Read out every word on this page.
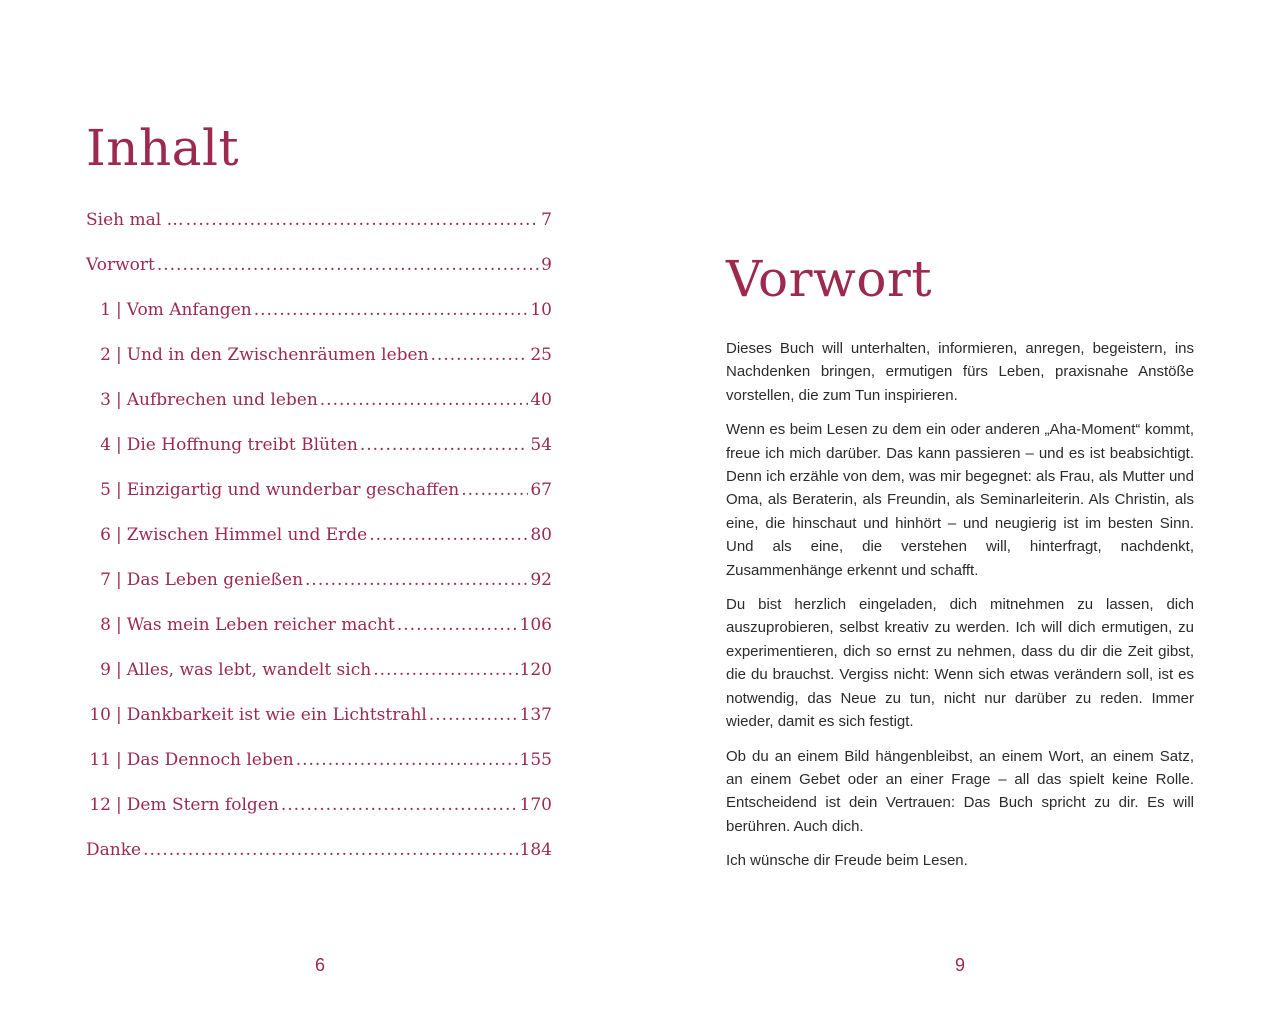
Inhalt
Sieh mal … .....	7
Vorwort .....	9
1 | Vom Anfangen .....	10
2 | Und in den Zwischenräumen leben .....	25
3 | Aufbrechen und leben .....	40
4 | Die Hoffnung treibt Blüten .....	54
5 | Einzigartig und wunderbar geschaffen .....	67
6 | Zwischen Himmel und Erde .....	80
7 | Das Leben genießen .....	92
8 | Was mein Leben reicher macht .....	106
9 | Alles, was lebt, wandelt sich .....	120
10 | Dankbarkeit ist wie ein Lichtstrahl .....	137
11 | Das Dennoch leben .....	155
12 | Dem Stern folgen .....	170
Danke .....	184
6
Vorwort

Dieses Buch will unterhalten, informieren, anregen, begeistern, ins Nachdenken bringen, ermutigen fürs Leben, praxisnahe Anstöße vorstellen, die zum Tun inspirieren.

Wenn es beim Lesen zu dem ein oder anderen „Aha-Moment“ kommt, freue ich mich darüber. Das kann passieren – und es ist beabsichtigt. Denn ich erzähle von dem, was mir begegnet: als Frau, als Mutter und Oma, als Beraterin, als Freundin, als Seminarleiterin. Als Christin, als eine, die hinschaut und hinhört – und neugierig ist im besten Sinn. Und als eine, die verstehen will, hinterfragt, nachdenkt, Zusammenhänge erkennt und schafft.

Du bist herzlich eingeladen, dich mitnehmen zu lassen, dich auszuprobieren, selbst kreativ zu werden. Ich will dich ermutigen, zu experimentieren, dich so ernst zu nehmen, dass du dir die Zeit gibst, die du brauchst. Vergiss nicht: Wenn sich etwas verändern soll, ist es notwendig, das Neue zu tun, nicht nur darüber zu reden. Immer wieder, damit es sich festigt.

Ob du an einem Bild hängenbleibst, an einem Wort, an einem Satz, an einem Gebet oder an einer Frage – all das spielt keine Rolle. Entscheidend ist dein Vertrauen: Das Buch spricht zu dir. Es will berühren. Auch dich.

Ich wünsche dir Freude beim Lesen.

9
